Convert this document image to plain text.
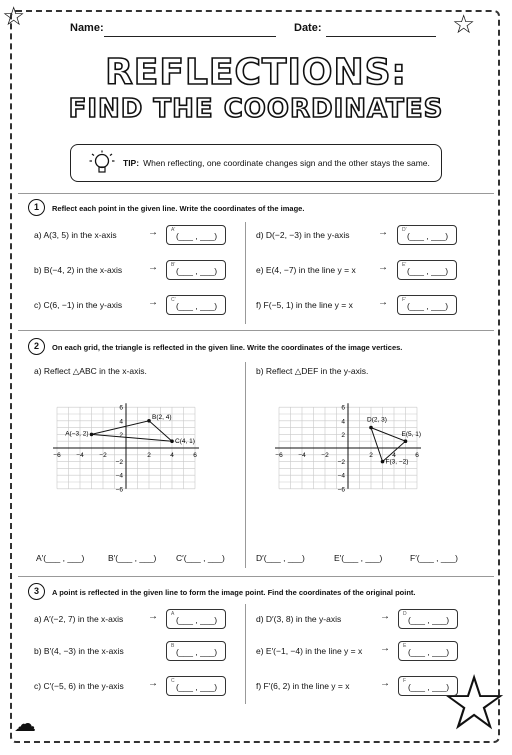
☆	☆
☁	☆
Name:	Date:
REFLECTIONS:
FIND THE COORDINATES
TIP: When reflecting, one coordinate changes sign and the other stays the same.
1	Reflect each point in the given line. Write the coordinates of the image.
a) A(3, 5) in the x-axis	→	A'
(___ , ___)
b) B(−4, 2) in the x-axis	→	B'
(___ , ___)
c) C(6, −1) in the y-axis	→	C'
(___ , ___)
d) D(−2, −3) in the y-axis	→	D'
(___ , ___)
e) E(4, −7) in the line y = x →	E'
(___ , ___)
f) F(−5, 1) in the line y = x	→	F'
(___ , ___)
2	On each grid, the triangle is reflected in the given line. Write the coordinates of the image vertices.
a) Reflect △ABC in the x-axis.	b) Reflect △DEF in the y-axis.
−6
−6
−4
−4
−2
−2
2
2
4
4
6
6
A(−3, 2)
B(2, 4)
C(4, 1)
−6
−6
−4
−4
−2
−2
2
2
4
4
6
6
D(2, 3)
E(5, 1)
F(3, −2)
A′(___ , ___)	B′(___ , ___) C′(___ , ___)	D′(___ , ___)	E′(___ , ___)	F′(___ , ___)
3	A point is reflected in the given line to form the image point. Find the coordinates of the original point.
a) A′(−2, 7) in the x-axis →	A
(___ , ___)
b) B′(4, −3) in the x-axis	B
(___ , ___)
c) C′(−5, 6) in the y-axis →	C
(___ , ___)
d) D′(3, 8) in the y-axis	→	D
(___ , ___)
e) E′(−1, −4) in the line y = x →	E
(___ , ___)
f) F′(6, 2) in the line y = x	→	F
(___ , ___)
